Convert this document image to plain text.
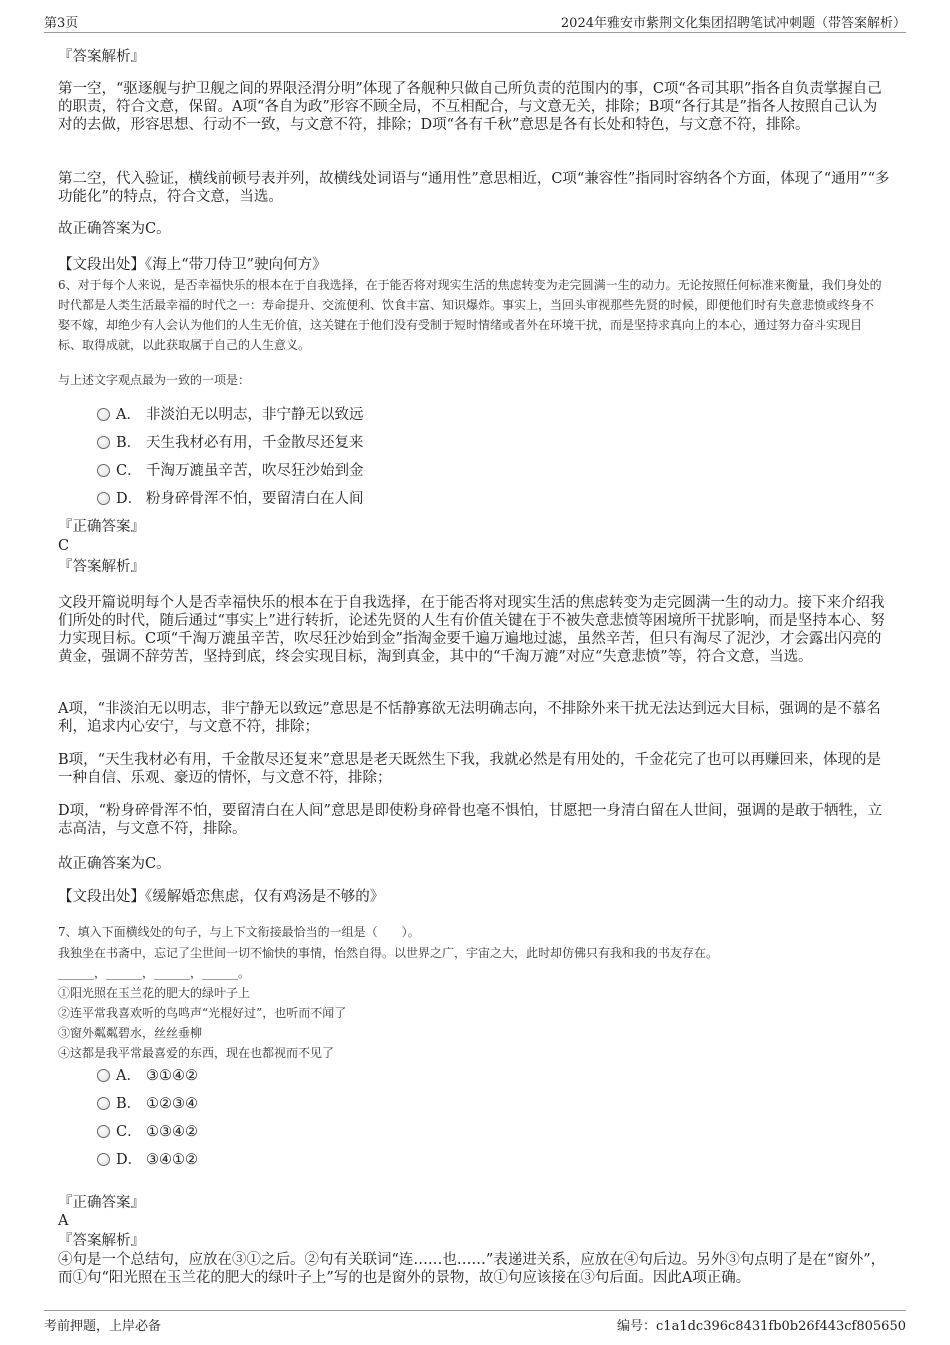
第3页	2024年雅安市紫荆文化集团招聘笔试冲刺题（带答案解析）
『答案解析』

第一空，“驱逐舰与护卫舰之间的界限泾渭分明”体现了各舰种只做自己所负责的范围内的事，C项“各司其职”指各自负责掌握自己的职责，符合文意，保留。A项“各自为政”形容不顾全局，不互相配合，与文意无关，排除；B项“各行其是”指各人按照自己认为对的去做，形容思想、行动不一致，与文意不符，排除；D项“各有千秋”意思是各有长处和特色，与文意不符，排除。

第二空，代入验证，横线前顿号表并列，故横线处词语与“通用性”意思相近，C项“兼容性”指同时容纳各个方面，体现了“通用”“多功能化”的特点，符合文意，当选。

故正确答案为C。
【文段出处】《海上“带刀侍卫”驶向何方》

6、对于每个人来说，是否幸福快乐的根本在于自我选择，在于能否将对现实生活的焦虑转变为走完圆满一生的动力。无论按照任何标准来衡量，我们身处的时代都是人类生活最幸福的时代之一：寿命提升、交流便利、饮食丰富、知识爆炸。事实上，当回头审视那些先贤的时候，即便他们时有失意悲愤或终身不娶不嫁，却绝少有人会认为他们的人生无价值，这关键在于他们没有受制于短时情绪或者外在环境干扰，而是坚持求真向上的本心，通过努力奋斗实现目标、取得成就，以此获取属于自己的人生意义。

与上述文字观点最为一致的一项是：
A． 非淡泊无以明志，非宁静无以致远
B． 天生我材必有用，千金散尽还复来
C． 千淘万漉虽辛苦，吹尽狂沙始到金
D． 粉身碎骨浑不怕，要留清白在人间
『正确答案』
C
『答案解析』

文段开篇说明每个人是否幸福快乐的根本在于自我选择，在于能否将对现实生活的焦虑转变为走完圆满一生的动力。接下来介绍我们所处的时代，随后通过“事实上”进行转折，论述先贤的人生有价值关键在于不被失意悲愤等困境所干扰影响，而是坚持本心、努力实现目标。C项“千淘万漉虽辛苦，吹尽狂沙始到金”指淘金要千遍万遍地过滤，虽然辛苦，但只有淘尽了泥沙，才会露出闪亮的黄金，强调不辞劳苦，坚持到底，终会实现目标，淘到真金，其中的“千淘万漉”对应“失意悲愤”等，符合文意，当选。

A项，“非淡泊无以明志，非宁静无以致远”意思是不恬静寡欲无法明确志向，不排除外来干扰无法达到远大目标，强调的是不慕名利，追求内心安宁，与文意不符，排除；

B项，“天生我材必有用，千金散尽还复来”意思是老天既然生下我，我就必然是有用处的，千金花完了也可以再赚回来，体现的是一种自信、乐观、豪迈的情怀，与文意不符，排除；

D项，“粉身碎骨浑不怕，要留清白在人间”意思是即使粉身碎骨也毫不惧怕，甘愿把一身清白留在人世间，强调的是敢于牺牲，立志高洁，与文意不符，排除。

故正确答案为C。
【文段出处】《缓解婚恋焦虑，仅有鸡汤是不够的》
7、填入下面横线处的句子，与上下文衔接最恰当的一组是（　　）。
我独坐在书斋中，忘记了尘世间一切不愉快的事情，怡然自得。以世界之广，宇宙之大，此时却仿佛只有我和我的书友存在。
______，______，______，______。
①阳光照在玉兰花的肥大的绿叶子上
②连平常我喜欢听的鸟鸣声“光棍好过”，也听而不闻了
③窗外粼粼碧水，丝丝垂柳
④这都是我平常最喜爱的东西，现在也都视而不见了
A． ③①④②
B． ①②③④
C． ①③④②
D． ③④①②
『正确答案』
A
『答案解析』

④句是一个总结句，应放在③①之后。②句有关联词“连……也……”表递进关系，应放在④句后边。另外③句点明了是在“窗外”，而①句“阳光照在玉兰花的肥大的绿叶子上”写的也是窗外的景物，故①句应该接在③句后面。因此A项正确。

考前押题，上岸必备	编号：c1a1dc396c8431fb0b26f443cf805650
